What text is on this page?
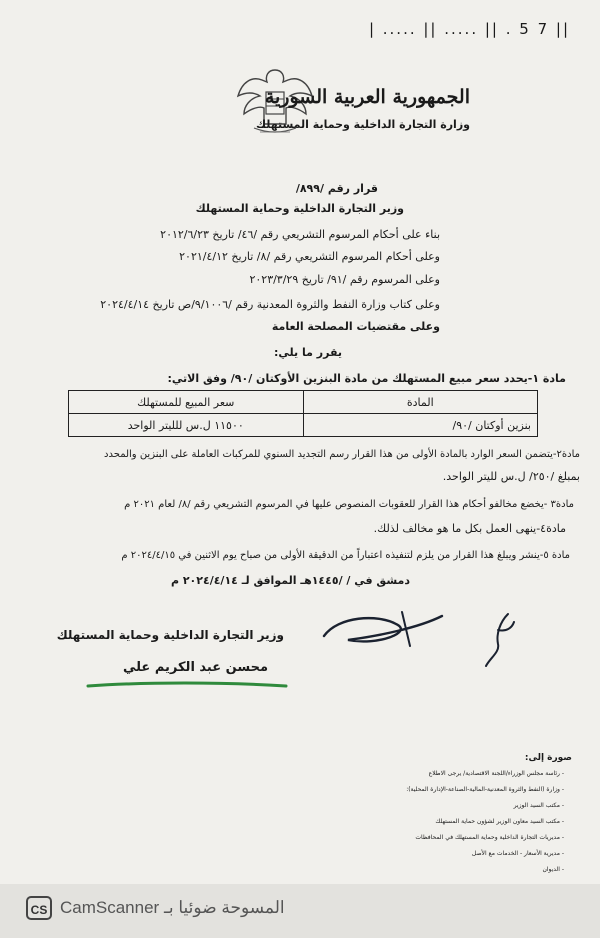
| ..... || ..... || . 5 7 ||
الجمهورية العربية السورية
وزارة التجارة الداخلية وحماية المستهلك
قرار رقم /٨٩٩/
وزير التجارة الداخلية وحماية المستهلك
بناء على أحكام المرسوم التشريعي رقم /٤٦/ تاريخ ٢٠١٢/٦/٢٣
وعلى أحكام المرسوم التشريعي رقم /٨/ تاريخ ٢٠٢١/٤/١٢
وعلى المرسوم رقم /٩١/ تاريخ ٢٠٢٣/٣/٢٩
وعلى كتاب وزارة النفط والثروة المعدنية رقم /٩/١٠٠٦/ص تاريخ ٢٠٢٤/٤/١٤
وعلى مقتضيات المصلحة العامة
يقرر ما يلي:
مادة ١-يحدد سعر مبيع المستهلك من مادة البنزين الأوكتان /٩٠/ وفق الاتي:
المادة	سعر المبيع للمستهلك
بنزين أوكتان /٩٠/	١١٥٠٠ ل.س للليتر الواحد
مادة٢-يتضمن السعر الوارد بالمادة الأولى من هذا القرار رسم التجديد السنوي للمركبات العاملة على البنزين والمحدد
بمبلغ /٢٥٠/ ل.س لليتر الواحد.
مادة٣ -يخضع مخالفو أحكام هذا القرار للعقوبات المنصوص عليها في المرسوم التشريعي رقم /٨/ لعام ٢٠٢١ م
مادة٤-ينهى العمل بكل ما هو مخالف لذلك.
مادة ٥-ينشر ويبلغ هذا القرار من يلزم لتنفيذه اعتباراً من الدقيقة الأولى من صباح يوم الاثنين في ٢٠٢٤/٤/١٥ م
دمشق في / /١٤٤٥هـ الموافق لـ ٢٠٢٤/٤/١٤ م
وزير التجارة الداخلية وحماية المستهلك
محسن عبد الكريم علي
صورة إلى:
- رئاسة مجلس الوزراء/اللجنة الاقتصادية/ يرجى الاطلاع
- وزارة (النفط والثروة المعدنية-المالية-الصناعة-الإدارة المحلية):
- مكتب السيد الوزير
- مكتب السيد معاون الوزير لشؤون حماية المستهلك
- مديريات التجارة الداخلية وحماية المستهلك في المحافظات
- مديرية الأسعار - الخدمات مع الأصل
- الديوان
CS CamScanner المسوحة ضوئيا بـ
